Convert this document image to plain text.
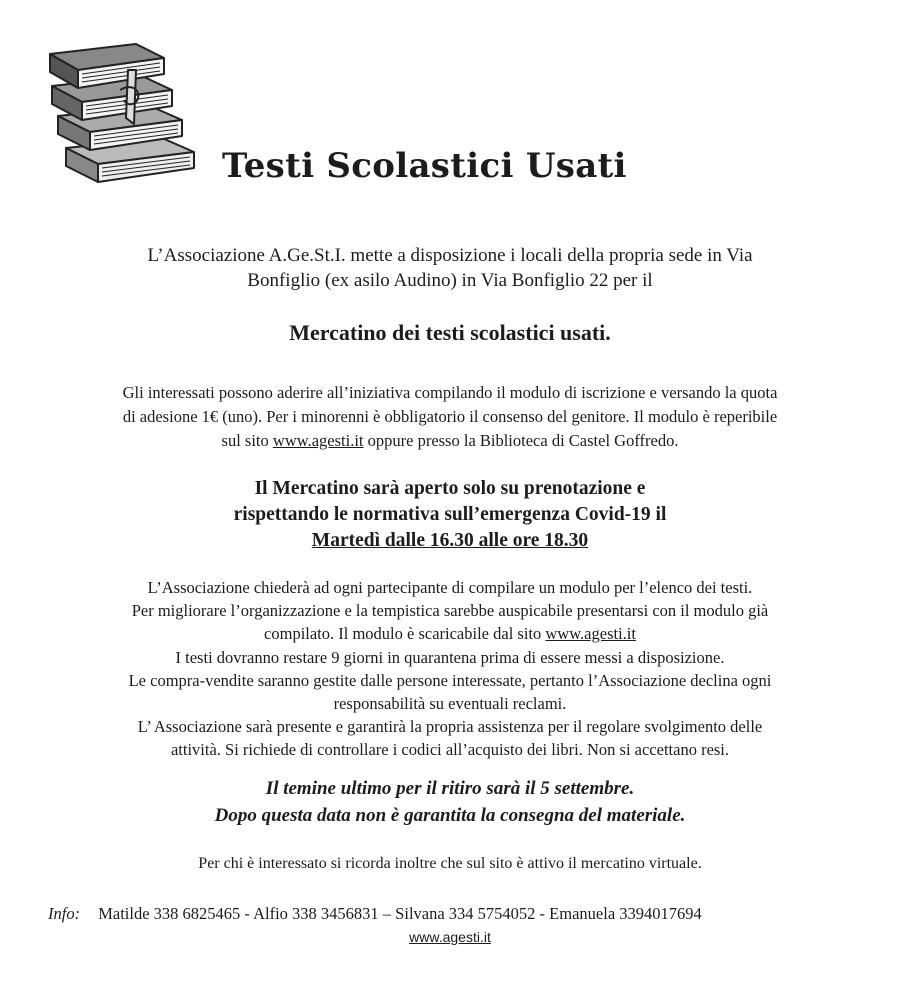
Testi Scolastici Usati

L’Associazione A.Ge.St.I. mette a disposizione i locali della propria sede in Via

Bonfiglio (ex asilo Audino) in Via Bonfiglio 22 per il

Mercatino dei testi scolastici usati.

Gli interessati possono aderire all’iniziativa compilando il modulo di iscrizione e versando la quota

di adesione 1€ (uno). Per i minorenni è obbligatorio il consenso del genitore. Il modulo è reperibile

sul sito www.agesti.it oppure presso la Biblioteca di Castel Goffredo.

Il Mercatino sarà aperto solo su prenotazione e

rispettando le normativa sull’emergenza Covid-19 il

Martedì dalle 16.30 alle ore 18.30

L’Associazione chiederà ad ogni partecipante di compilare un modulo per l’elenco dei testi.

Per migliorare l’organizzazione e la tempistica sarebbe auspicabile presentarsi con il modulo già

compilato. Il modulo è scaricabile dal sito www.agesti.it

I testi dovranno restare 9 giorni in quarantena prima di essere messi a disposizione.

Le compra-vendite saranno gestite dalle persone interessate, pertanto l’Associazione declina ogni

responsabilità su eventuali reclami.

L’ Associazione sarà presente e garantirà la propria assistenza per il regolare svolgimento delle

attività. Si richiede di controllare i codici all’acquisto dei libri. Non si accettano resi.

Il temine ultimo per il ritiro sarà il 5 settembre.

Dopo questa data non è garantita la consegna del materiale.

Per chi è interessato si ricorda inoltre che sul sito è attivo il mercatino virtuale.
Info: Matilde 338 6825465 - Alfio 338 3456831 – Silvana 334 5754052 - Emanuela 3394017694
www.agesti.it
